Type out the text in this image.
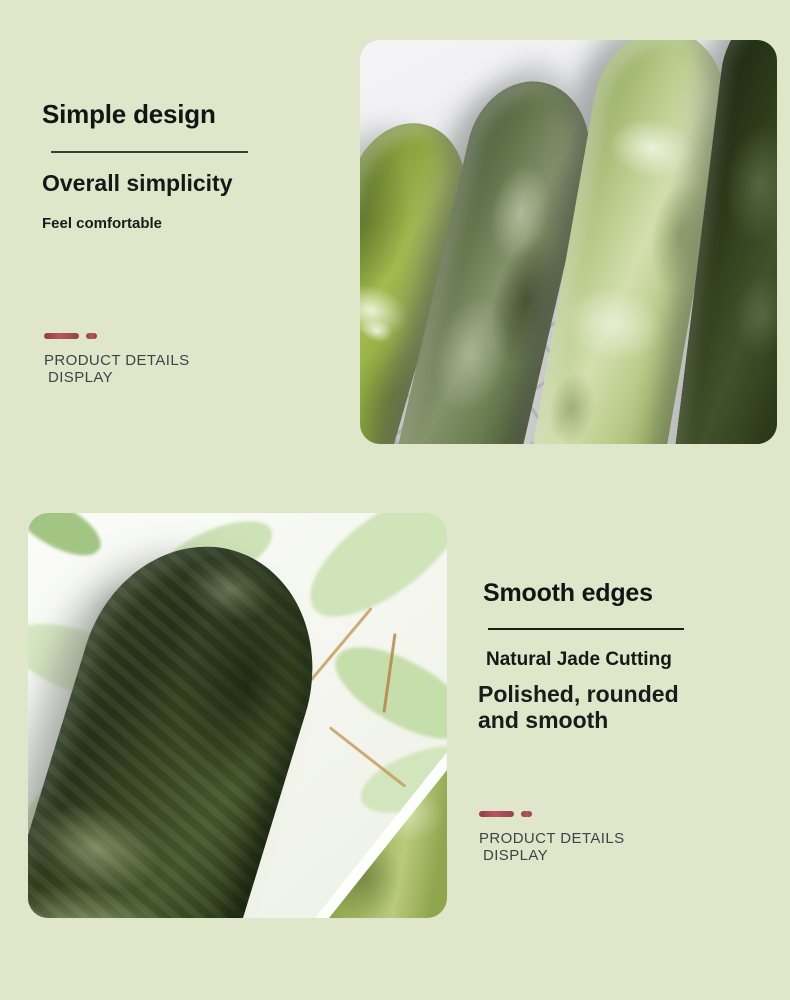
Simple design
Overall simplicity
Feel comfortable
PRODUCT DETAILS
DISPLAY
Smooth edges
Natural Jade Cutting
Polished, rounded and smooth
PRODUCT DETAILS
DISPLAY
